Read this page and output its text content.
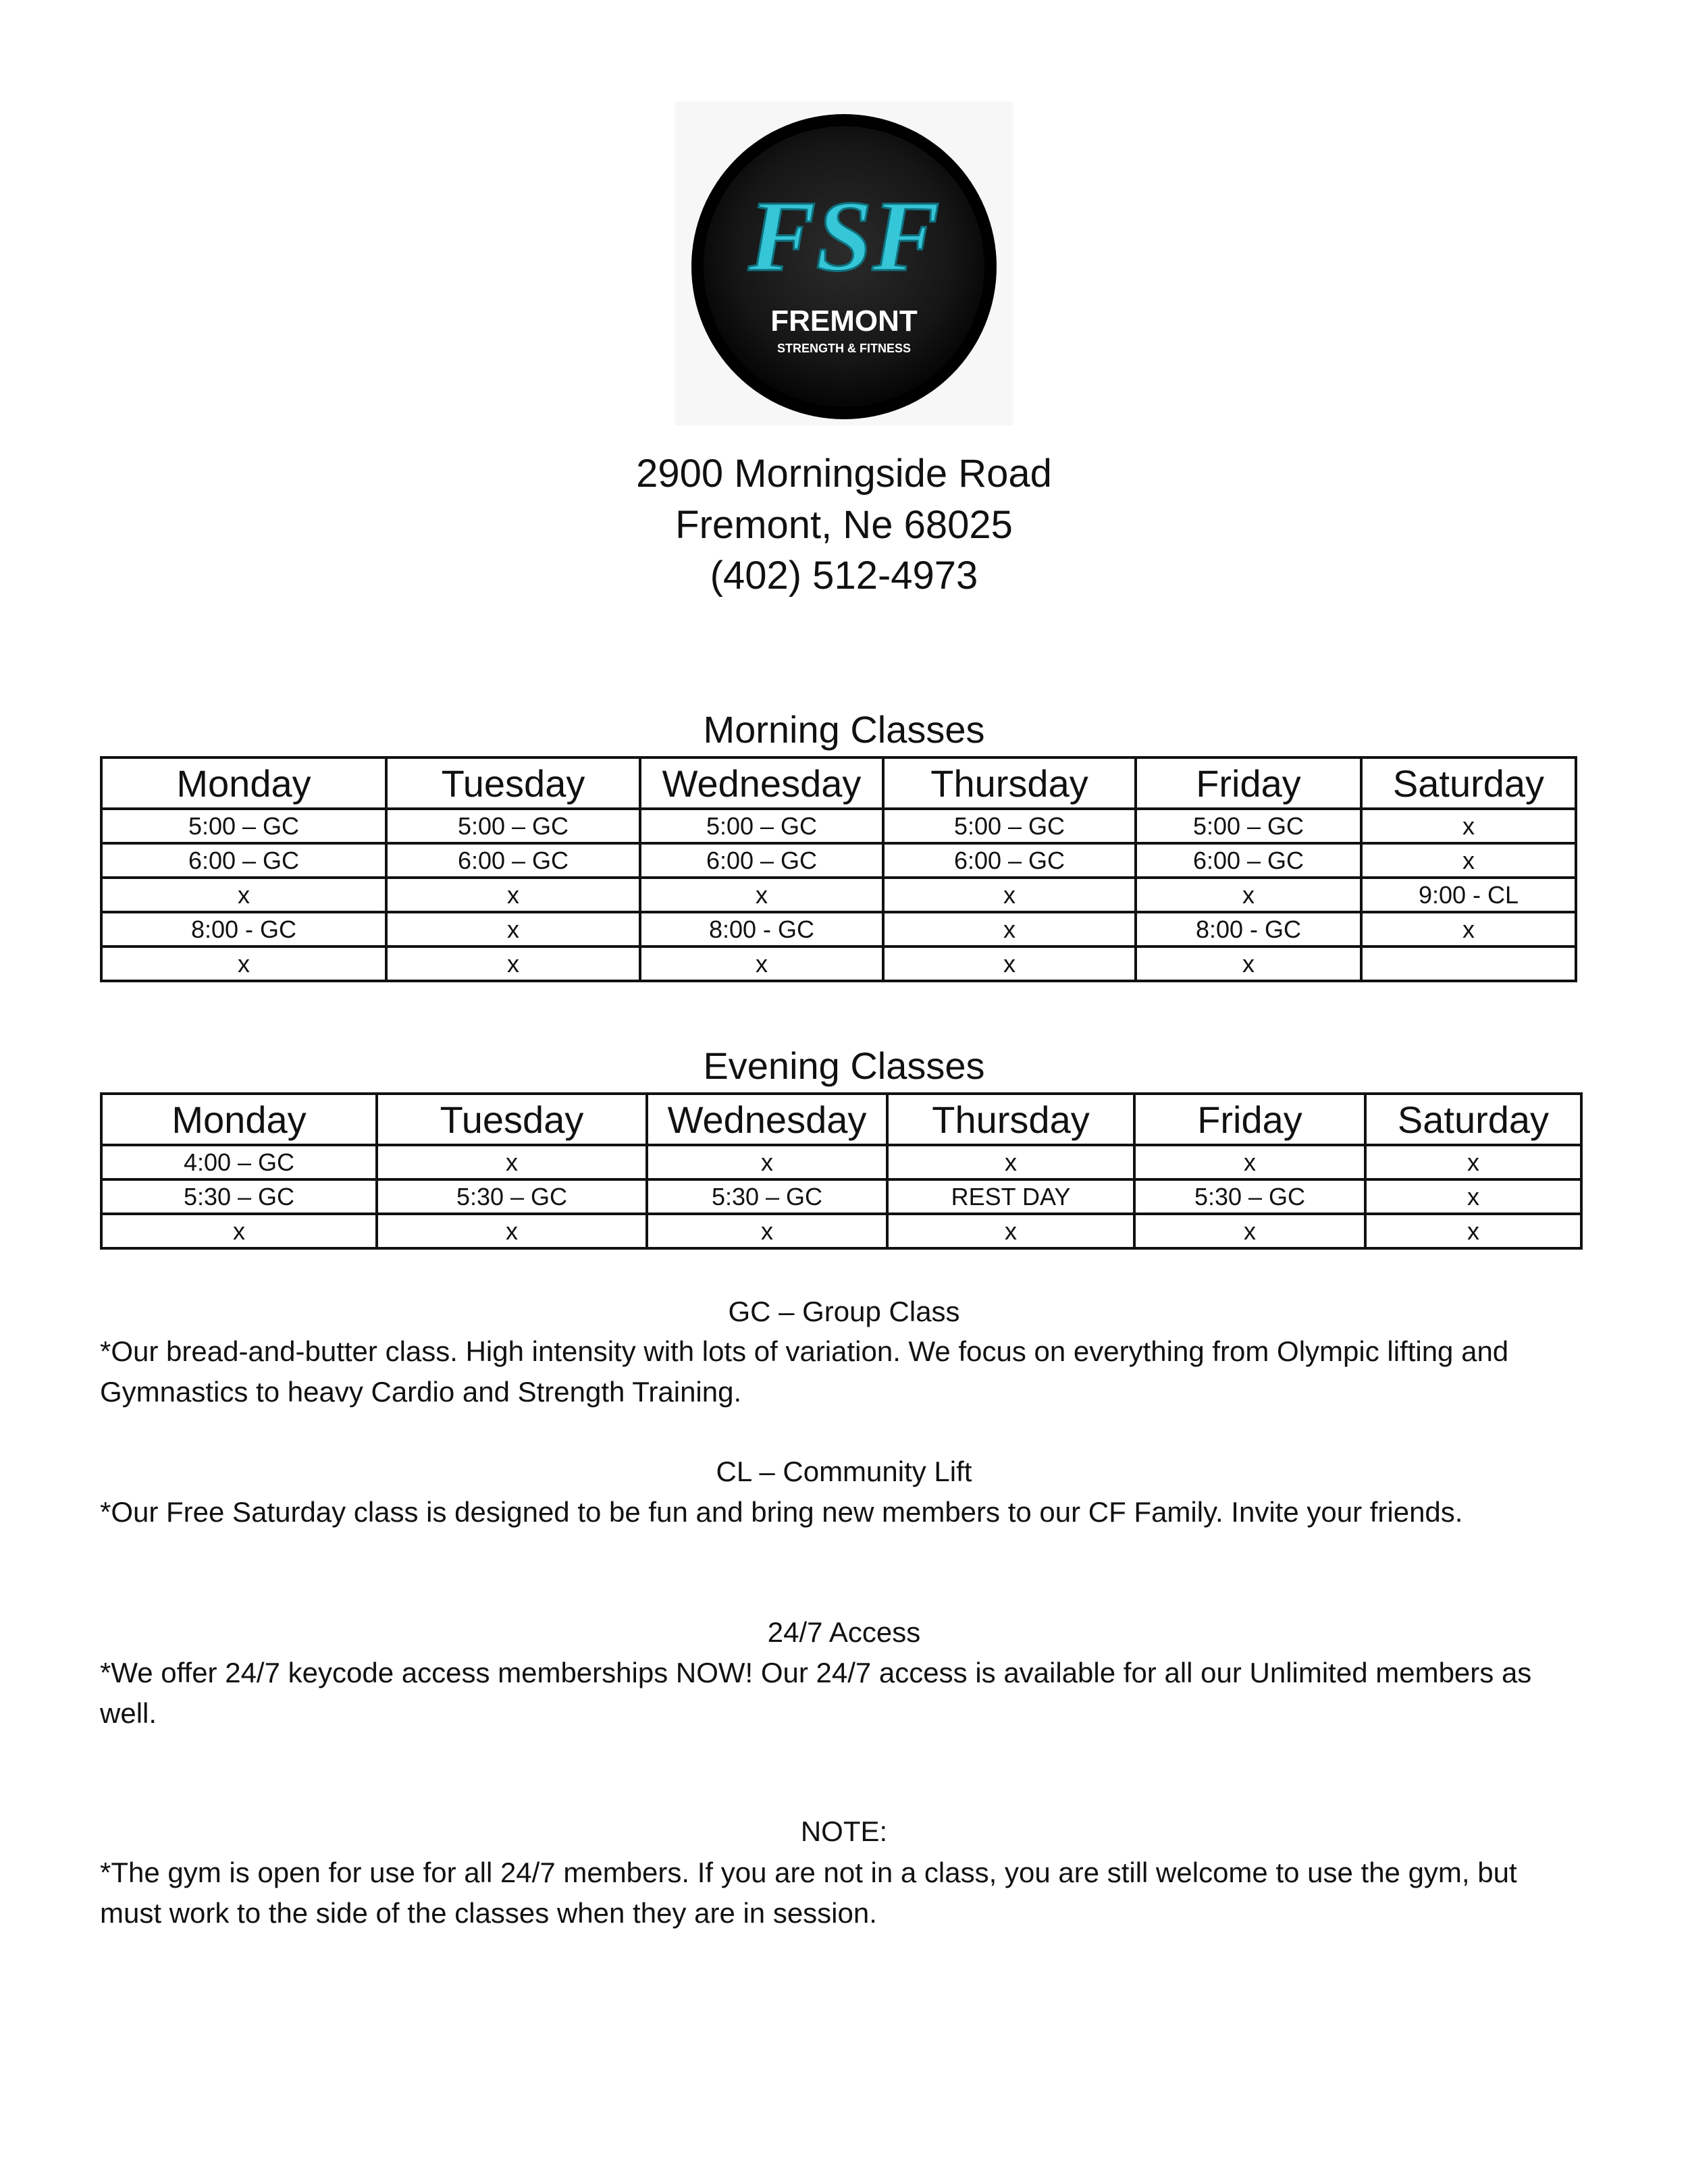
FSF
FREMONT
STRENGTH & FITNESS
2900 Morningside Road
Fremont, Ne 68025
(402) 512-4973
Morning Classes
Monday	Tuesday	Wednesday	Thursday	Friday	Saturday
5:00 – GC	5:00 – GC	5:00 – GC	5:00 – GC	5:00 – GC	x
6:00 – GC	6:00 – GC	6:00 – GC	6:00 – GC	6:00 – GC	x
x	x	x	x	x	9:00 - CL
8:00 - GC	x	8:00 - GC	x	8:00 - GC	x
x	x	x	x	x	
Evening Classes
Monday	Tuesday	Wednesday	Thursday	Friday	Saturday
4:00 – GC	x	x	x	x	x
5:30 – GC	5:30 – GC	5:30 – GC	REST DAY	5:30 – GC	x
x	x	x	x	x	x
GC – Group Class
*Our bread-and-butter class. High intensity with lots of variation. We focus on everything from Olympic lifting and Gymnastics to heavy Cardio and Strength Training.
CL – Community Lift
*Our Free Saturday class is designed to be fun and bring new members to our CF Family. Invite your friends.
24/7 Access
*We offer 24/7 keycode access memberships NOW! Our 24/7 access is available for all our Unlimited members as well.
NOTE:
*The gym is open for use for all 24/7 members. If you are not in a class, you are still welcome to use the gym, but must work to the side of the classes when they are in session.
